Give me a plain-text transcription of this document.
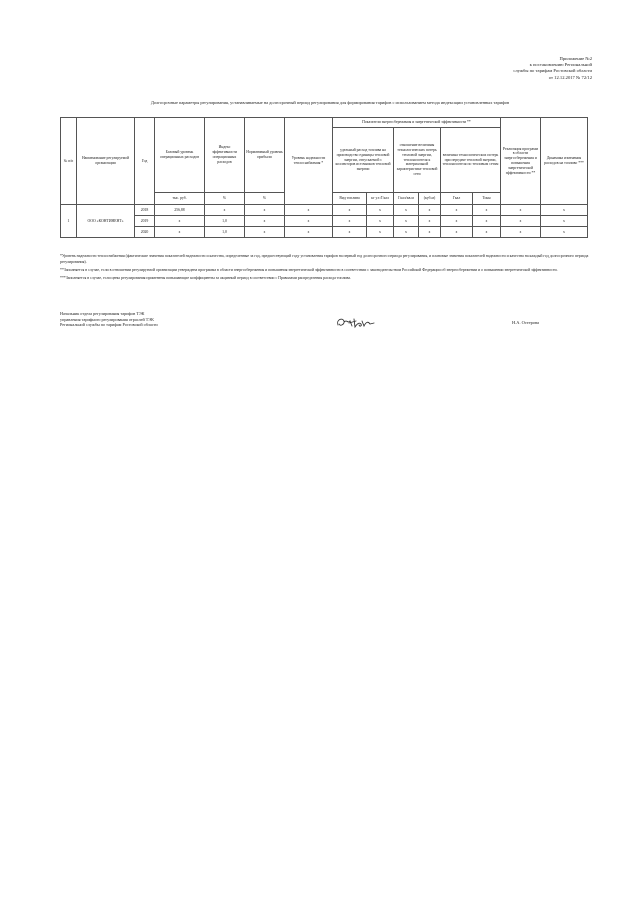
Приложение №2
к постановлению Региональной
службы по тарифам Ростовской области
от 12.12.2017 № 72/12
Долгосрочные параметры регулирования, устанавливаемые на долгосрочный период регулирования для формирования тарифов с использованием метода индексации установленных тарифов
№ п/п	Наименование регулируемой организации	Год	Базовый уровень операционных расходов	Индекс эффективности операционных расходов	Нормативный уровень прибыли	Уровень надежности теплоснабжения *	Показатели энергосбережения и энергетической эффективности **						Реализация программ в области энергосбережения и повышения энергетической эффективности **	Динамика изменения расходов на топливо ***
							удельный расход топлива на производство единицы тепловой энергии, отпускаемой с коллекторов источников тепловой энергии		отношение величины технологических потерь тепловой энергии, теплоносителя к материальной характеристике тепловой сети		величина технологических потерь при передаче тепловой энергии, теплоносителя по тепловым сетям			
			тыс. руб.	%	%		Вид топлива	кг у.т./Гкал	Гкал/кв.м	(куб.м)	Гкал	Тонн		
1	ООО «КОНТИНЕНТ»	2018	256,88	х	х	х	х	х	х	х	х	х	х	х
		2019	х	1,0	х	х	х	х	х	х	х	х	х	х
		2020	х	1,0	х	х	х	х	х	х	х	х	х	х

*Уровень надежности теплоснабжения (фактические значения показателей надежности и качества, определенные за год, предшествующий году установления тарифов на первый год долгосрочного периода регулирования, и плановые значения показателей надежности и качества на каждый год долгосрочного периода регулирования).

**Заполняется в случае, если в отношении регулируемой организации утверждена программа в области энергосбережения и повышения энергетической эффективности в соответствии с законодательством Российской Федерации об энергосбережении и о повышении энергетической эффективности.

***Заполняется в случае, если цены регулирования применены повышающие коэффициенты за акцизный период в соответствии с Правилами распределения расхода топлива.

Начальник отдела регулирования тарифов ТЭК
управления тарифного регулирования отраслей ТЭК
Региональной службы по тарифам Ростовской области	Н.А. Остерова
